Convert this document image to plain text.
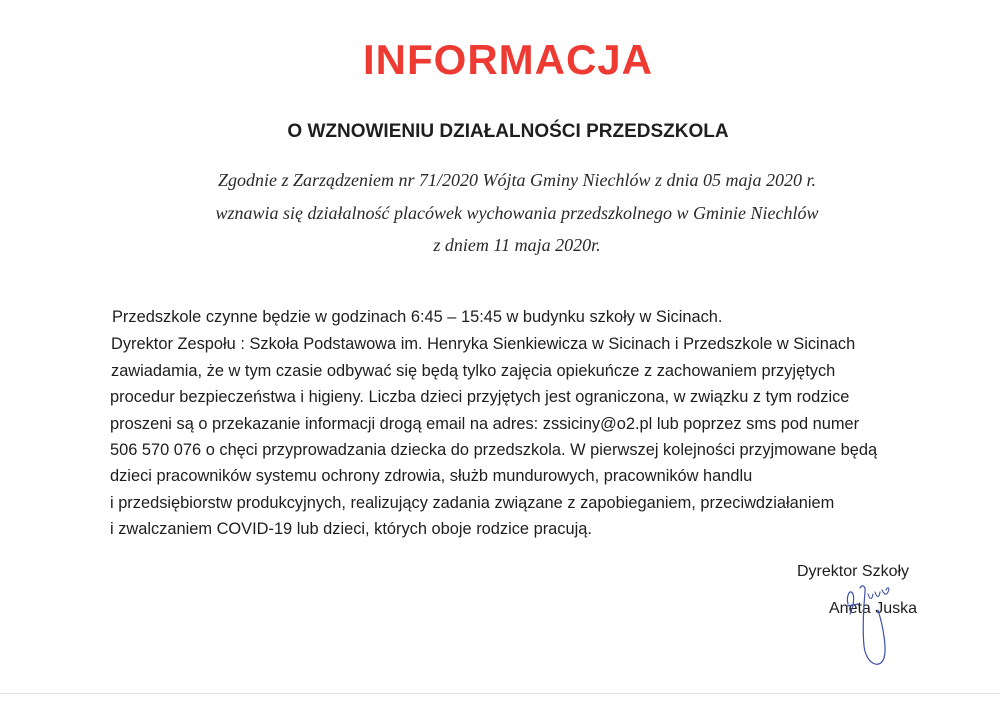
INFORMACJA
O WZNOWIENIU DZIAŁALNOŚCI PRZEDSZKOLA

Zgodnie z Zarządzeniem nr 71/2020 Wójta Gminy Niechlów z dnia 05 maja 2020 r.

wznawia się działalność placówek wychowania przedszkolnego w Gminie Niechlów

z dniem 11 maja 2020r.

Przedszkole czynne będzie w godzinach 6:45 – 15:45 w budynku szkoły w Sicinach.

Dyrektor Zespołu : Szkoła Podstawowa im. Henryka Sienkiewicza w Sicinach i Przedszkole w Sicinach

zawiadamia, że w tym czasie odbywać się będą tylko zajęcia opiekuńcze z zachowaniem przyjętych

procedur bezpieczeństwa i higieny. Liczba dzieci przyjętych jest ograniczona, w związku z tym rodzice

proszeni są o przekazanie informacji drogą email na adres: zssiciny@o2.pl lub poprzez sms pod numer

506 570 076 o chęci przyprowadzania dziecka do przedszkola. W pierwszej kolejności przyjmowane będą

dzieci pracowników systemu ochrony zdrowia, służb mundurowych, pracowników handlu

i przedsiębiorstw produkcyjnych, realizujący zadania związane z zapobieganiem, przeciwdziałaniem

i zwalczaniem COVID-19 lub dzieci, których oboje rodzice pracują.

Dyrektor Szkoły

Aneta Juska
